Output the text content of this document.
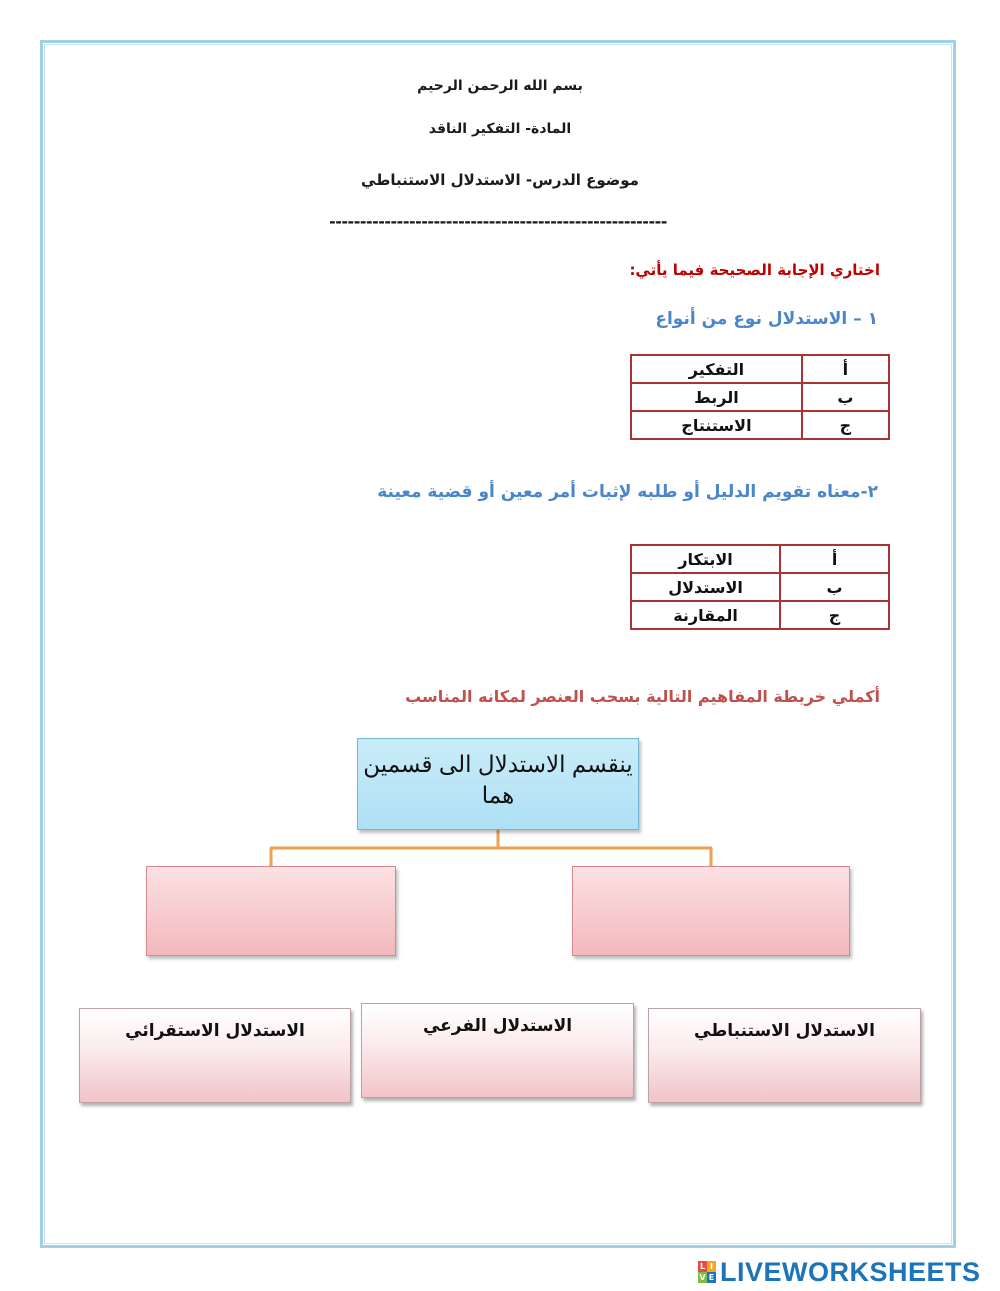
بسم الله الرحمن الرحيم
المادة- التفكير الناقد
موضوع الدرس- الاستدلال الاستنباطي
-------------------------------------------------------
اختاري الإجابة الصحيحة فيما يأتي:
١ – الاستدلال نوع من أنواع
أ	التفكير
ب	الربط
ج	الاستنتاج
٢-معناه تقويم الدليل أو طلبه لإثبات أمر معين أو قضية معينة
أ	الابتكار
ب	الاستدلال
ج	المقارنة
أكملي خريطة المفاهيم التالية بسحب العنصر لمكانه المناسب
ينقسم الاستدلال الى قسمين هما
الاستدلال الاستقرائي	الاستدلال الفرعي	الاستدلال الاستنباطي
L I
V E LIVEWORKSHEETS
